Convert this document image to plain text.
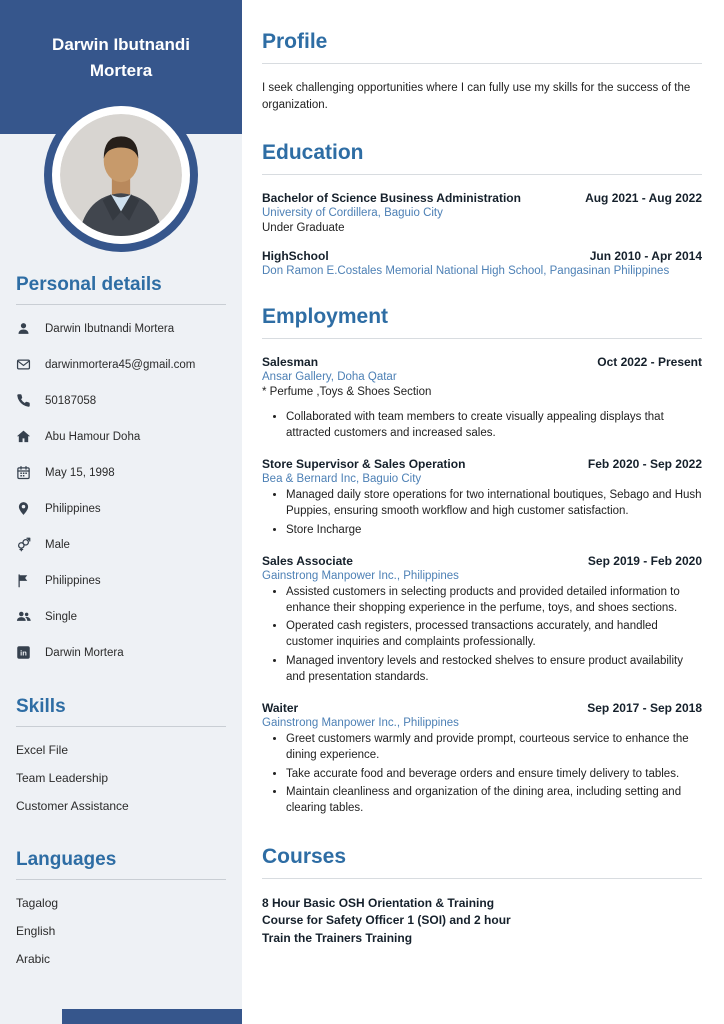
Darwin Ibutnandi Mortera
Personal details
Darwin Ibutnandi Mortera
darwinmortera45@gmail.com
50187058
Abu Hamour Doha
May 15, 1998
Philippines
Male
Philippines
Single
in Darwin Mortera
Skills
Excel File
Team Leadership
Customer Assistance
Languages
Tagalog
English
Arabic
Profile

I seek challenging opportunities where I can fully use my skills for the success of the organization.

Education
Bachelor of Science Business Administration	Aug 2021 - Aug 2022
University of Cordillera, Baguio City
Under Graduate
HighSchool	Jun 2010 - Apr 2014
Don Ramon E.Costales Memorial National High School, Pangasinan Philippines
Employment
Salesman	Oct 2022 - Present
Ansar Gallery, Doha Qatar
* Perfume ,Toys & Shoes Section
• Collaborated with team members to create visually appealing displays that attracted customers and increased sales.
Store Supervisor & Sales Operation	Feb 2020 - Sep 2022
Bea & Bernard Inc, Baguio City
• Managed daily store operations for two international boutiques, Sebago and Hush Puppies, ensuring smooth workflow and high customer satisfaction.
• Store Incharge
Sales Associate	Sep 2019 - Feb 2020
Gainstrong Manpower Inc., Philippines
• Assisted customers in selecting products and provided detailed information to enhance their shopping experience in the perfume, toys, and shoes sections.
• Operated cash registers, processed transactions accurately, and handled customer inquiries and complaints professionally.
• Managed inventory levels and restocked shelves to ensure product availability and presentation standards.
Waiter	Sep 2017 - Sep 2018
Gainstrong Manpower Inc., Philippines
• Greet customers warmly and provide prompt, courteous service to enhance the dining experience.
• Take accurate food and beverage orders and ensure timely delivery to tables.
• Maintain cleanliness and organization of the dining area, including setting and clearing tables.
Courses
8 Hour Basic OSH Orientation & Training
Course for Safety Officer 1 (SOI) and 2 hour
Train the Trainers Training
